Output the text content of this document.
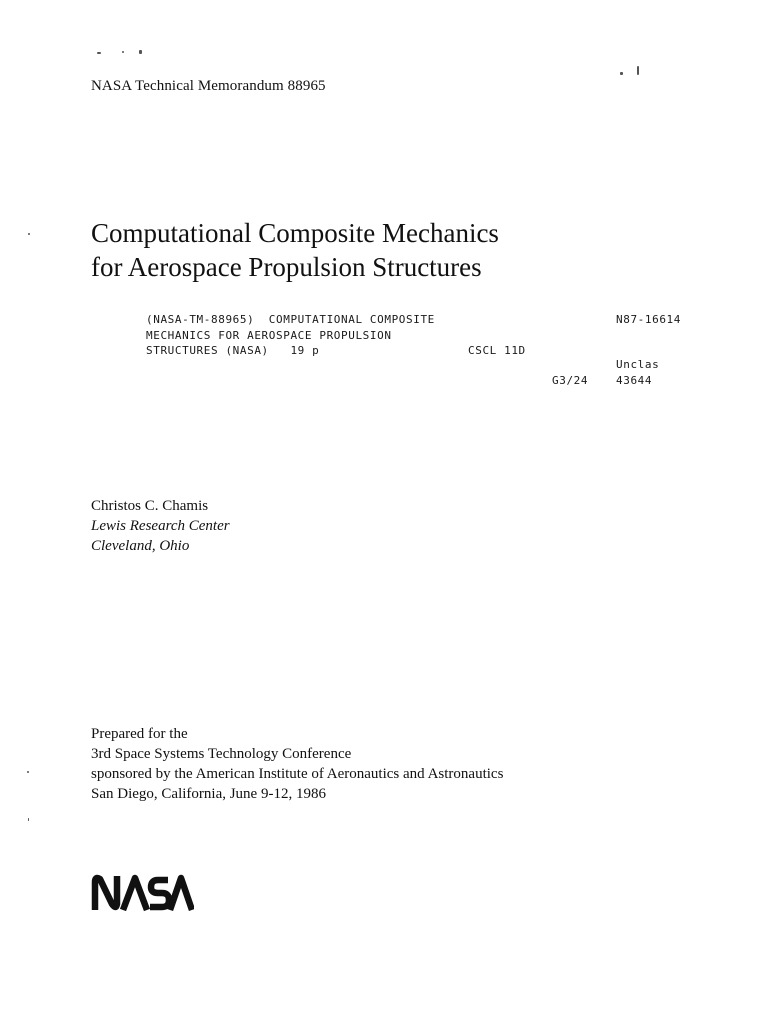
NASA Technical Memorandum 88965
Computational Composite Mechanics
for Aerospace Propulsion Structures
(NASA-TM-88965)  COMPUTATIONAL COMPOSITE
MECHANICS FOR AEROSPACE PROPULSION
STRUCTURES (NASA)   19 p	CSCL 11D
N87-16614
Unclas
G3/24	43644
Christos C. Chamis
Lewis Research Center
Cleveland, Ohio
Prepared for the
3rd Space Systems Technology Conference
sponsored by the American Institute of Aeronautics and Astronautics
San Diego, California, June 9-12, 1986
